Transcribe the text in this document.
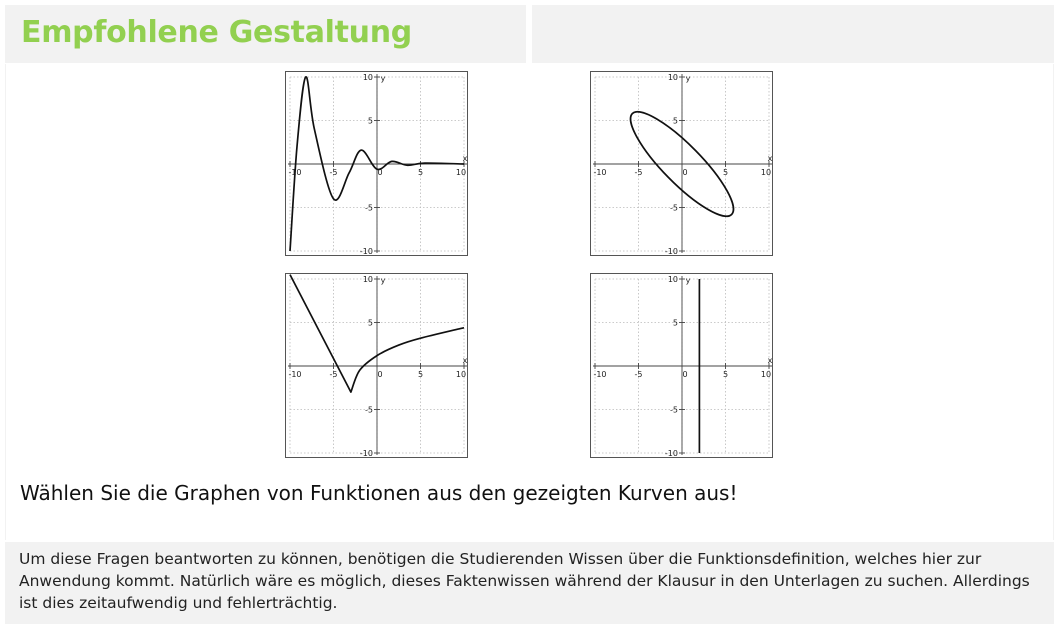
Empfohlene Gestaltung
-10	-5	0	5	10
10
5
-5
-10
x
y
-10	-5	0	5	10
10
5
-5
-10
x
y
-10	-5	0	5	10
10
5
-5
-10
x
y
-10	-5	0	5	10
10
5
-5
-10
x
y
Wählen Sie die Graphen von Funktionen aus den gezeigten Kurven aus!
Um diese Fragen beantworten zu können, benötigen die Studierenden Wissen über die Funktionsdefinition, welches hier zur Anwendung kommt. Natürlich wäre es möglich, dieses Faktenwissen während der Klausur in den Unterlagen zu suchen. Allerdings ist dies zeitaufwendig und fehlerträchtig.
